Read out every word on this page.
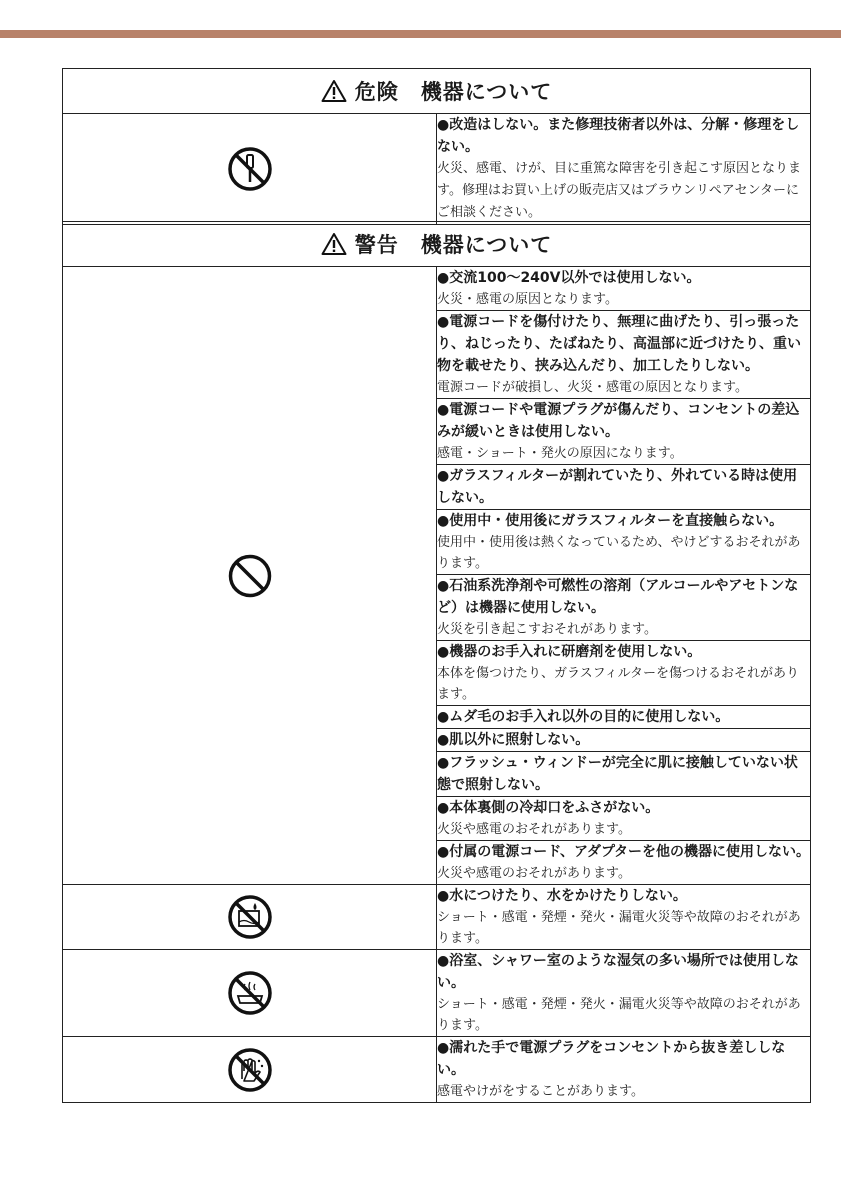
危険　機器について

●改造はしない。また修理技術者以外は、分解・修理をしない。
火災、感電、けが、目に重篤な障害を引き起こす原因となります。修理はお買い上げの販売店又はブラウンリペアセンターにご相談ください。
警告　機器について	

●交流100〜240V以外では使用しない。
火災・感電の原因となります。

	●電源コードを傷付けたり、無理に曲げたり、引っ張ったり、ねじったり、たばねたり、高温部に近づけたり、重い物を載せたり、挟み込んだり、加工したりしない。
電源コードが破損し、火災・感電の原因となります。

	●電源コードや電源プラグが傷んだり、コンセントの差込みが緩いときは使用しない。
感電・ショート・発火の原因になります。

	●ガラスフィルターが割れていたり、外れている時は使用しない。

	●使用中・使用後にガラスフィルターを直接触らない。
使用中・使用後は熱くなっているため、やけどするおそれがあります。

	●石油系洗浄剤や可燃性の溶剤（アルコールやアセトンなど）は機器に使用しない。
火災を引き起こすおそれがあります。

	●機器のお手入れに研磨剤を使用しない。
本体を傷つけたり、ガラスフィルターを傷つけるおそれがあります。

	●ムダ毛のお手入れ以外の目的に使用しない。

	●肌以外に照射しない。

	●フラッシュ・ウィンドーが完全に肌に接触していない状態で照射しない。

	●本体裏側の冷却口をふさがない。
火災や感電のおそれがあります。

	●付属の電源コード、アダプターを他の機器に使用しない。
火災や感電のおそれがあります。

●水につけたり、水をかけたりしない。
ショート・感電・発煙・発火・漏電火災等や故障のおそれがあります。

●浴室、シャワー室のような湿気の多い場所では使用しない。
ショート・感電・発煙・発火・漏電火災等や故障のおそれがあります。

●濡れた手で電源プラグをコンセントから抜き差ししない。
感電やけがをすることがあります。
